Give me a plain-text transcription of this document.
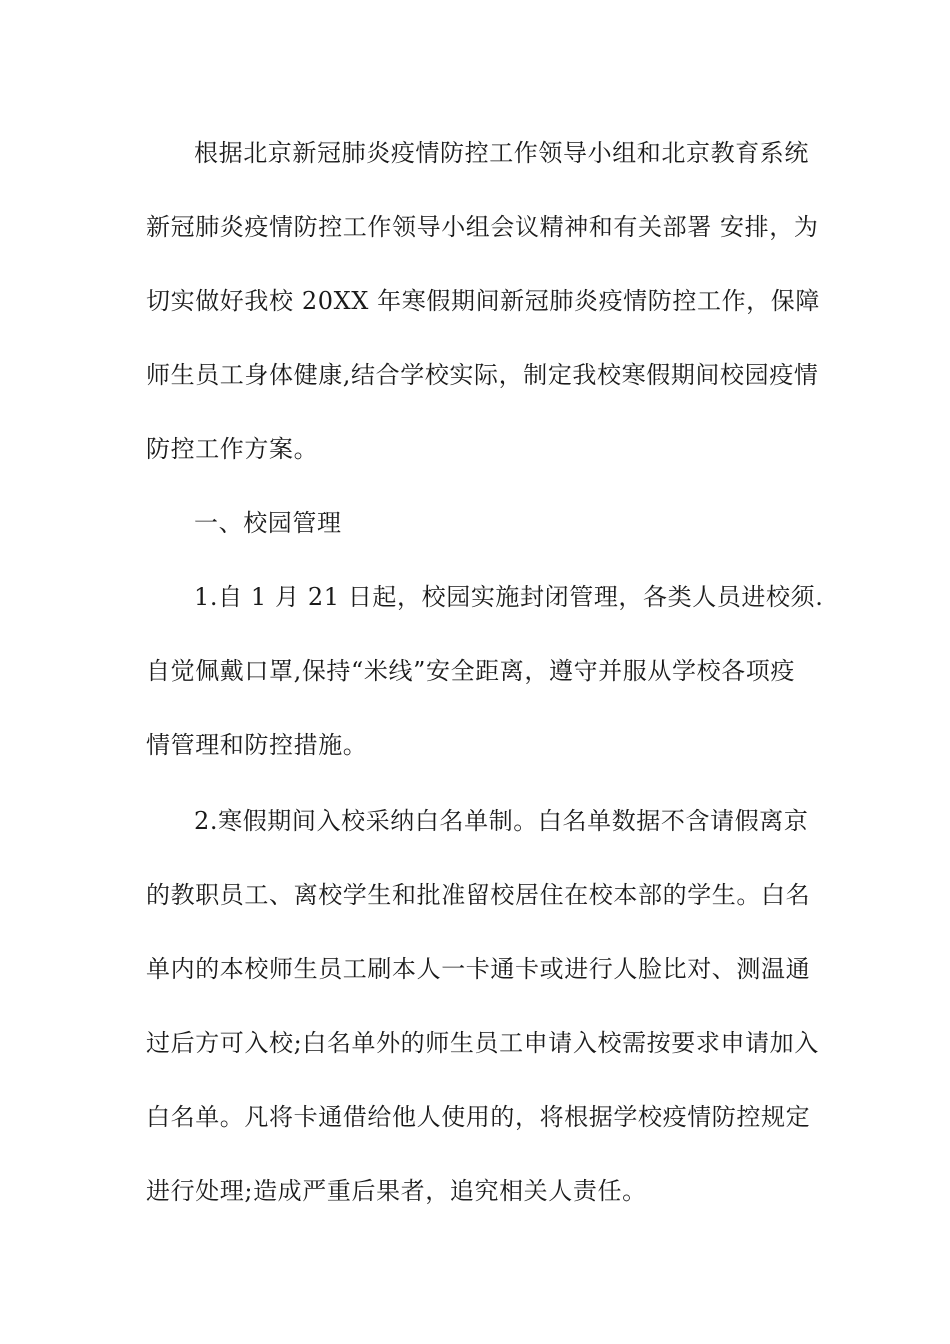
根据北京新冠肺炎疫情防控工作领导小组和北京教育系统
新冠肺炎疫情防控工作领导小组会议精神和有关部署 安排，为
切实做好我校 20XX 年寒假期间新冠肺炎疫情防控工作，保障
师生员工身体健康,结合学校实际，制定我校寒假期间校园疫情
防控工作方案。
一、校园管理
1.自 1 月 21 日起，校园实施封闭管理，各类人员进校须.
自觉佩戴口罩,保持“米线”安全距离，遵守并服从学校各项疫
情管理和防控措施。
2.寒假期间入校采纳白名单制。白名单数据不含请假离京
的教职员工、离校学生和批准留校居住在校本部的学生。白名
单内的本校师生员工刷本人一卡通卡或进行人脸比对、测温通
过后方可入校;白名单外的师生员工申请入校需按要求申请加入
白名单。凡将卡通借给他人使用的，将根据学校疫情防控规定
进行处理;造成严重后果者，追究相关人责任。
